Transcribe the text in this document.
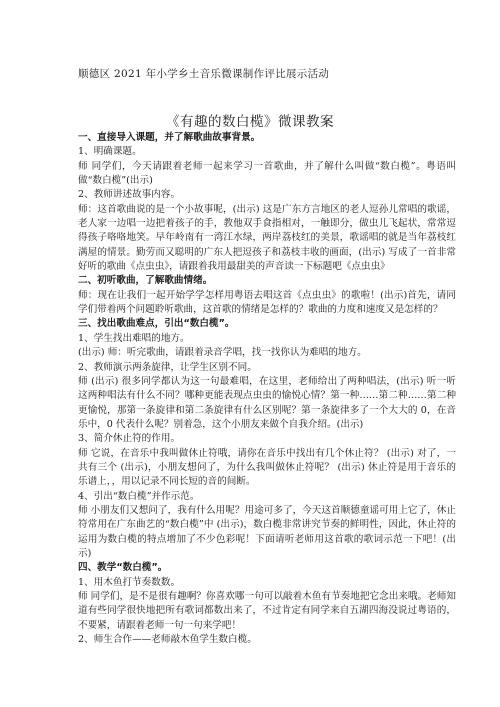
顺德区 2021 年小学乡土音乐微课制作评比展示活动
《有趣的数白榄》微课教案

一、直接导入课题，并了解歌曲故事背景。

1、明确课题。

师 同学们，今天请跟着老师一起来学习一首歌曲，并了解什么叫做“数白榄”。粤语叫做“数白榄”(出示)

2、教师讲述故事内容。

师：这首歌曲说的是一个小故事呢，(出示) 这是广东方言地区的老人逗孙儿常唱的歌谣，老人家一边唱一边把着孩子的手，教他双手食指相对，一触即分，做虫儿飞起状，常常逗得孩子咯咯地笑。早年岭南有一湾江水绿，两岸荔枝红的美景，歌谣唱的就是当年荔枝红满屋的情景。勤劳而又聪明的广东人把逗孩子和荔枝丰收的画面，(出示) 写成了一首非常好听的歌曲《点虫虫》，请跟着我用最甜美的声音读一下标题吧《点虫虫》

二、初听歌曲，了解歌曲情绪。

师：现在让我们一起开始学学怎样用粤语去唱这首《点虫虫》的歌啦！(出示)首先，请同学们带着两个问题聆听歌曲，这首歌的情绪是怎样的？歌曲的力度和速度又是怎样的？

三、找出歌曲难点，引出“数白榄”。

1、学生找出难唱的地方。

(出示) 师：听完歌曲，请跟着录音学唱，找一找你认为难唱的地方。

2、教师演示两条旋律，让学生区别不同。

师 (出示) 很多同学都认为这一句最难唱，在这里，老师给出了两种唱法，(出示) 听一听这两种唱法有什么不同？哪种更能表现点虫虫的愉悦心情？第一种……第二种……第二种更愉悦，那第一条旋律和第二条旋律有什么区别呢？第一条旋律多了一个大大的 0，在音乐中，0 代表什么呢？别着急，这个小朋友来做个自我介绍。(出示)

3、简介休止符的作用。

师 它说，在音乐中我叫做休止符哦，请你在音乐中找出有几个休止符？ (出示) 对了，一共有三个 (出示)，小朋友想问了，为什么我叫做休止符呢？ (出示) 休止符是用于音乐的乐谱上，，用以记录不同长短的音的间断。

4、引出“数白榄”并作示范。

师 小朋友们又想问了，我有什么用呢？用途可多了，今天这首顺德童谣可用上它了，休止符常用在广东曲艺的“数白榄”中 (出示)，数白榄非常讲究节奏的鲜明性，因此，休止符的运用为数白榄的特点增加了不少色彩呢！下面请听老师用这首歌的歌词示范一下吧！(出示)

四、教学“数白榄”。

1、用木鱼打节奏数数。

师 同学们，是不是很有趣啊？你喜欢哪一句可以敲着木鱼有节奏地把它念出来哦。老师知道有些同学很快地把所有歌词都数出来了，不过肯定有同学来自五湖四海没说过粤语的，不要紧，请跟着老师一句一句来学吧！

2、师生合作——老师敲木鱼学生数白榄。
